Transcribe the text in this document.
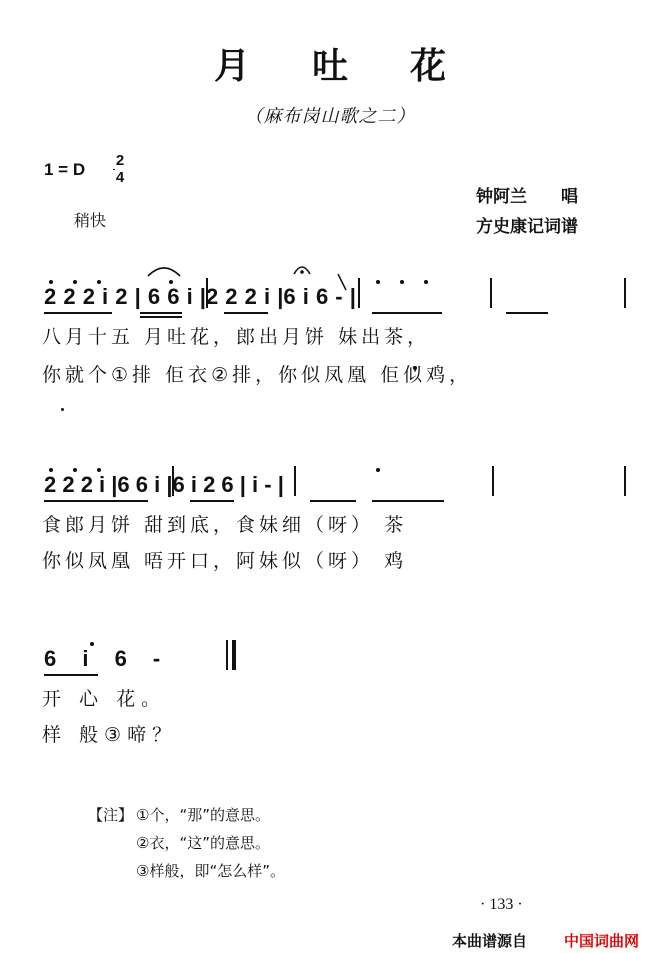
月吐花
（麻布岗山歌之二）
1 = D 2
4
稍快
钟阿兰　　唱
方史康记词谱
2 2 2 i 2 | 6 6 i |2 2 2 i |6 i 6 - |
八月十五 月吐花，郎出月饼 妹出茶，
你就个①排 佢衣②排，你似凤凰 佢似鸡，
2 2 2 i |6 6 i |6 i 2 6 | i - |
食郎月饼 甜到底，食妹细（呀） 茶
你似凤凰 唔开口，阿妹似（呀） 鸡
6 i 6 -
开 心 花。
样 般③啼？
【注】 ①个，“那”的意思。
②衣，“这”的意思。
③样般，即“怎么样”。
· 133 ·
本曲谱源自 中国词曲网
